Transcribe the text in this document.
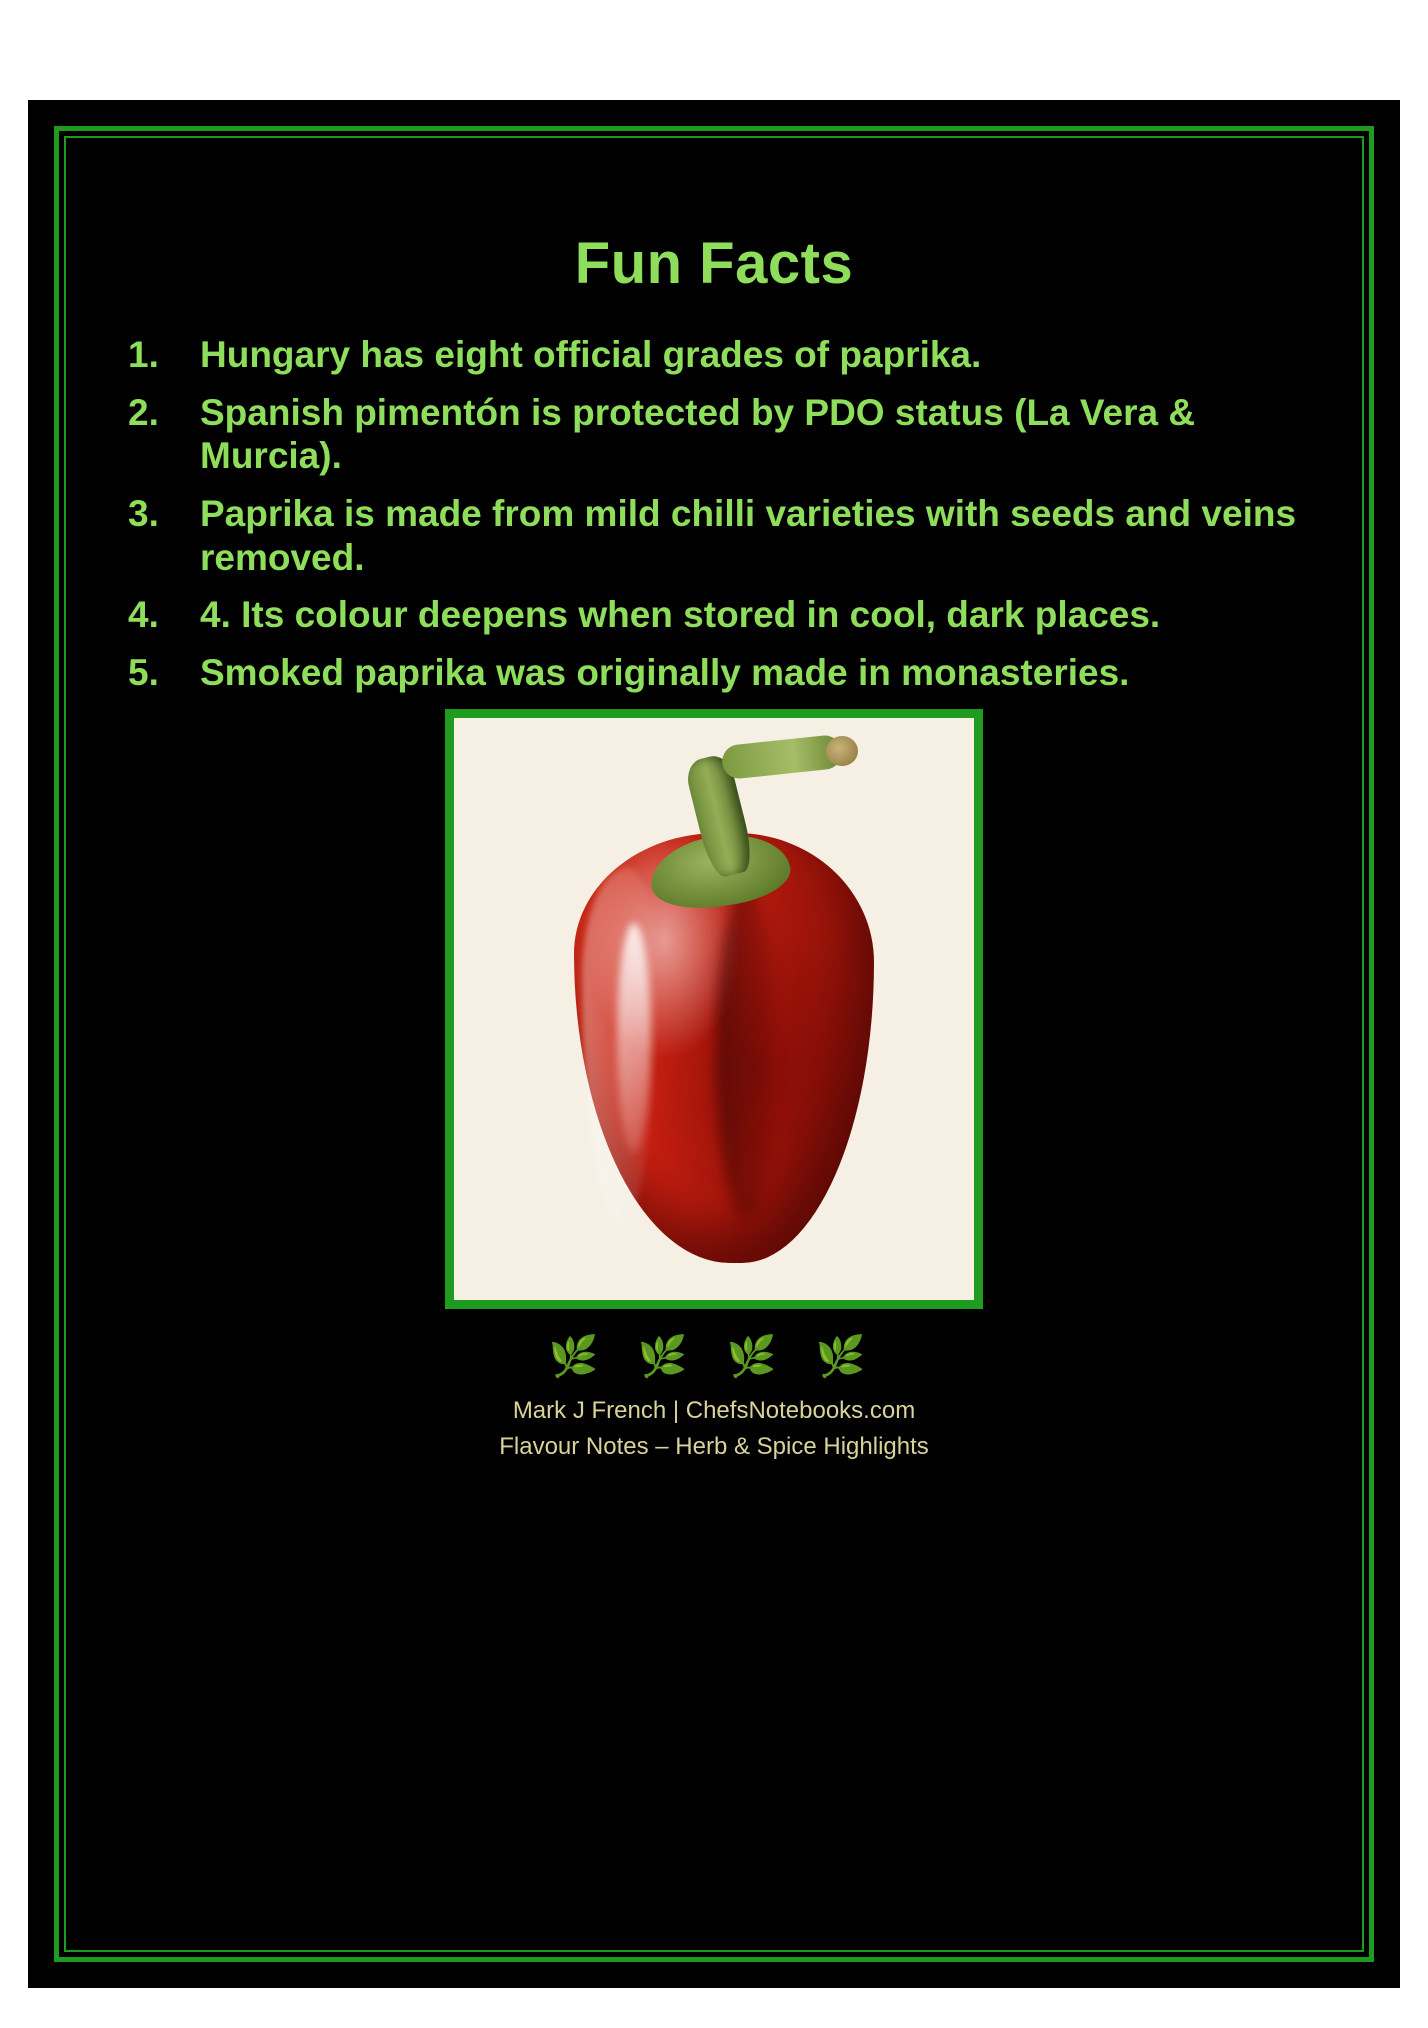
Fun Facts
1.	Hungary has eight official grades of paprika.
2.	Spanish pimentón is protected by PDO status (La Vera & Murcia).
3.	Paprika is made from mild chilli varieties with seeds and veins removed.
4.	4. Its colour deepens when stored in cool, dark places.
5.	Smoked paprika was originally made in monasteries.
🌿 🌿 🌿 🌿
Mark J French | ChefsNotebooks.com
Flavour Notes – Herb & Spice Highlights
